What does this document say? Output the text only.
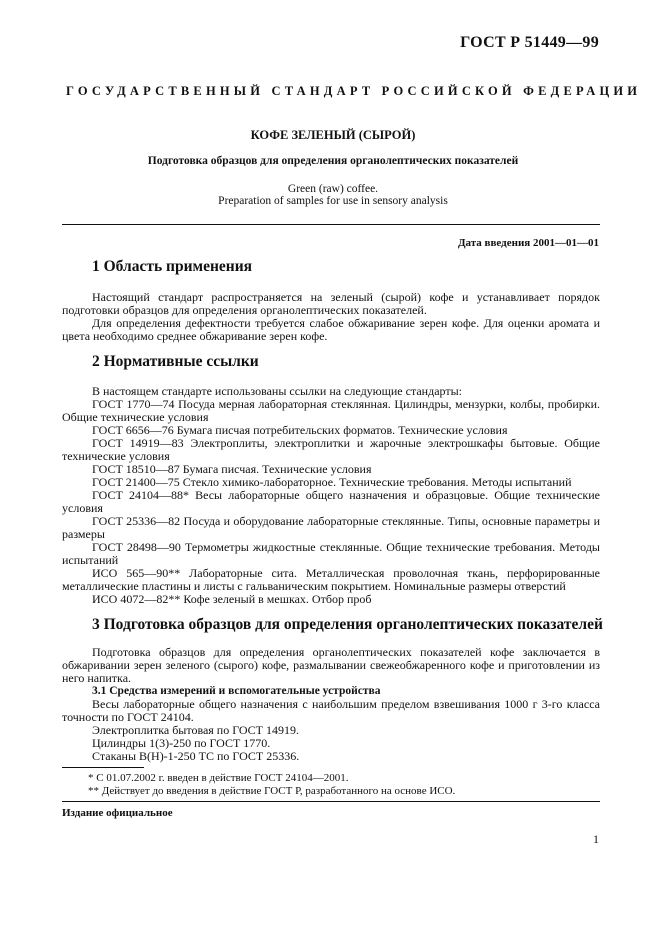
ГОСТ Р 51449—99
ГОСУДАРСТВЕННЫЙ СТАНДАРТ РОССИЙСКОЙ ФЕДЕРАЦИИ
КОФЕ ЗЕЛЕНЫЙ (СЫРОЙ)
Подготовка образцов для определения органолептических показателей
Green (raw) coffee.
Preparation of samples for use in sensory analysis
Дата введения 2001—01—01
1 Область применения

Настоящий стандарт распространяется на зеленый (сырой) кофе и устанавливает порядок подготовки образцов для определения органолептических показателей.

Для определения дефектности требуется слабое обжаривание зерен кофе. Для оценки аромата и цвета необходимо среднее обжаривание зерен кофе.

2 Нормативные ссылки

В настоящем стандарте использованы ссылки на следующие стандарты:

ГОСТ 1770—74 Посуда мерная лабораторная стеклянная. Цилиндры, мензурки, колбы, пробирки. Общие технические условия

ГОСТ 6656—76 Бумага писчая потребительских форматов. Технические условия

ГОСТ 14919—83 Электроплиты, электроплитки и жарочные электрошкафы бытовые. Общие технические условия

ГОСТ 18510—87 Бумага писчая. Технические условия

ГОСТ 21400—75 Стекло химико-лабораторное. Технические требования. Методы испытаний

ГОСТ 24104—88* Весы лабораторные общего назначения и образцовые. Общие технические условия

ГОСТ 25336—82 Посуда и оборудование лабораторные стеклянные. Типы, основные параметры и размеры

ГОСТ 28498—90 Термометры жидкостные стеклянные. Общие технические требования. Методы испытаний

ИСО 565—90** Лабораторные сита. Металлическая проволочная ткань, перфорированные металлические пластины и листы с гальваническим покрытием. Номинальные размеры отверстий

ИСО 4072—82** Кофе зеленый в мешках. Отбор проб

3 Подготовка образцов для определения органолептических показателей

Подготовка образцов для определения органолептических показателей кофе заключается в обжаривании зерен зеленого (сырого) кофе, размалывании свежеобжаренного кофе и приготовлении из него напитка.

3.1 Средства измерений и вспомогательные устройства

Весы лабораторные общего назначения с наибольшим пределом взвешивания 1000 г 3-го класса точности по ГОСТ 24104.

Электроплитка бытовая по ГОСТ 14919.

Цилиндры 1(3)-250 по ГОСТ 1770.

Стаканы В(Н)-1-250 ТС по ГОСТ 25336.

* С 01.07.2002 г. введен в действие ГОСТ 24104—2001.
** Действует до введения в действие ГОСТ Р, разработанного на основе ИСО.
Издание официальное
1
